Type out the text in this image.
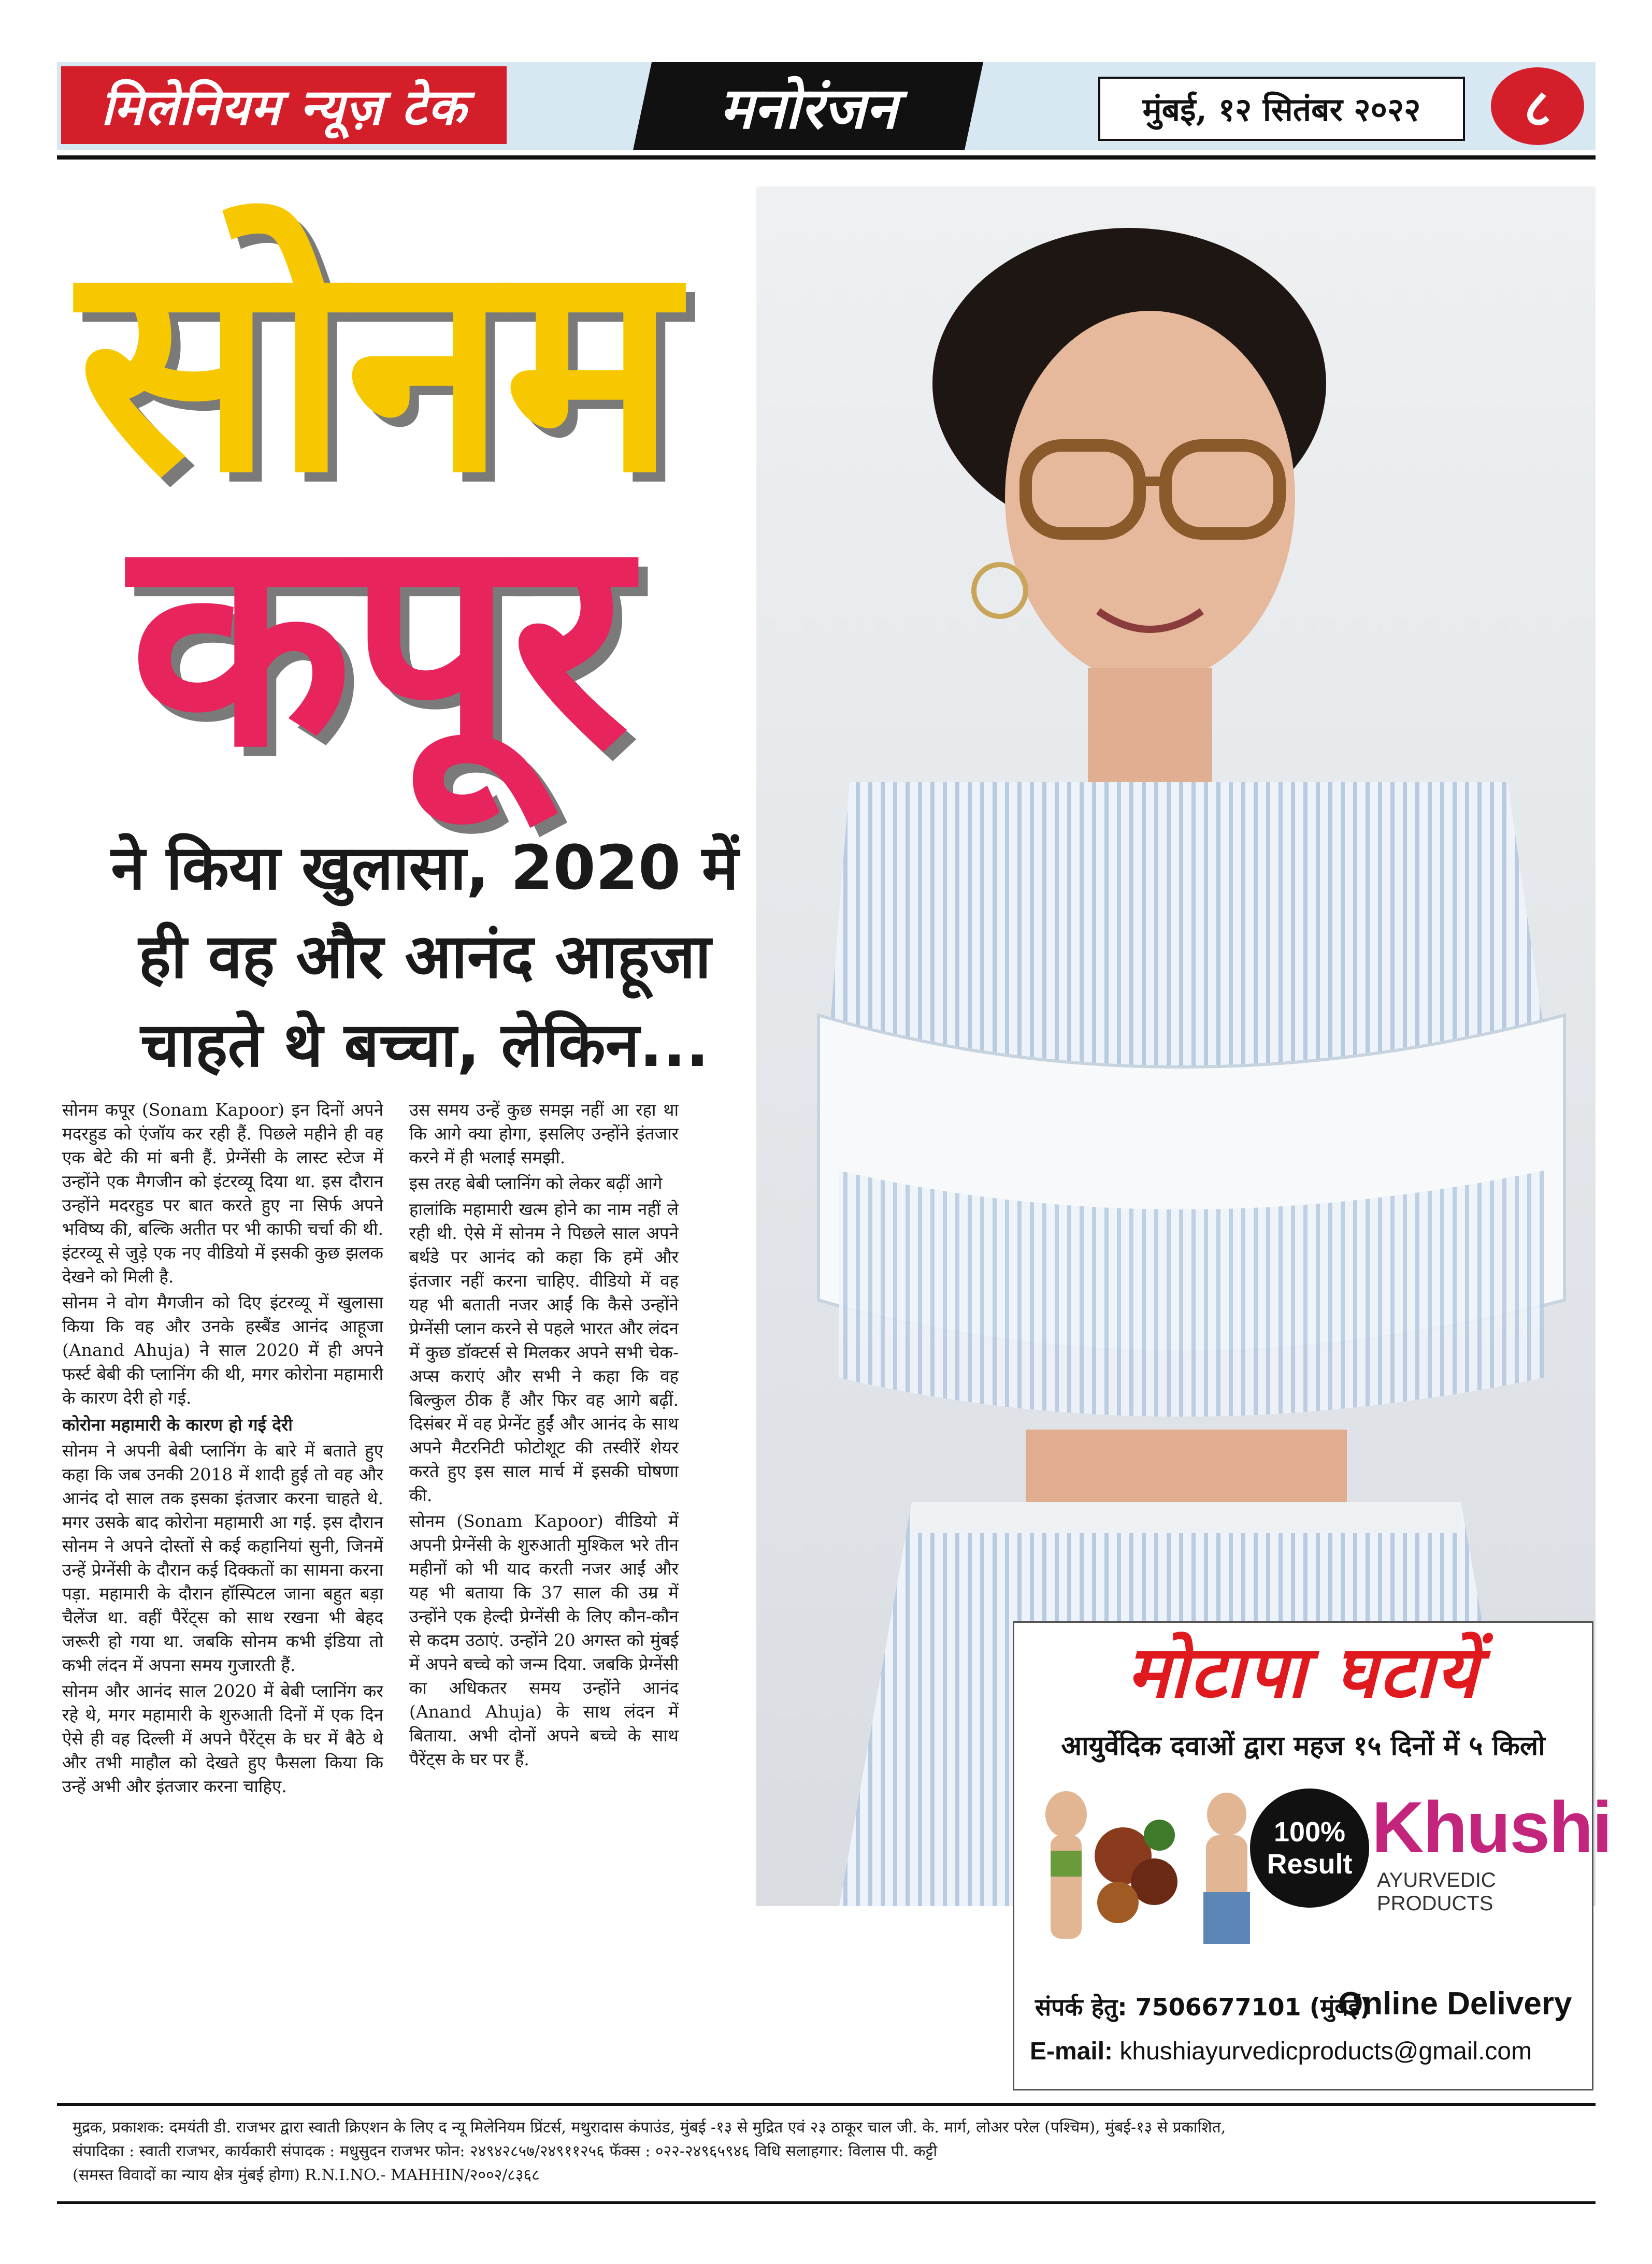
मिलेनियम न्यूज़ टेक	मनोरंजन	मुंबई, १२ सितंबर २०२२	८
सोनम
कपूर
ने किया खुलासा, 2020 में ही वह और आनंद आहूजा चाहते थे बच्चा, लेकिन...

सोनम कपूर (Sonam Kapoor) इन दिनों अपने मदरहुड को एंजॉय कर रही हैं. पिछले महीने ही वह एक बेटे की मां बनी हैं. प्रेग्नेंसी के लास्ट स्टेज में उन्होंने एक मैगजीन को इंटरव्यू दिया था. इस दौरान उन्होंने मदरहुड पर बात करते हुए ना सिर्फ अपने भविष्य की, बल्कि अतीत पर भी काफी चर्चा की थी. इंटरव्यू से जुड़े एक नए वीडियो में इसकी कुछ झलक देखने को मिली है.

सोनम ने वोग मैगजीन को दिए इंटरव्यू में खुलासा किया कि वह और उनके हस्बैंड आनंद आहूजा (Anand Ahuja) ने साल 2020 में ही अपने फर्स्ट बेबी की प्लानिंग की थी, मगर कोरोना महामारी के कारण देरी हो गई.

कोरोना महामारी के कारण हो गई देरी

सोनम ने अपनी बेबी प्लानिंग के बारे में बताते हुए कहा कि जब उनकी 2018 में शादी हुई तो वह और आनंद दो साल तक इसका इंतजार करना चाहते थे. मगर उसके बाद कोरोना महामारी आ गई. इस दौरान सोनम ने अपने दोस्तों से कई कहानियां सुनी, जिनमें उन्हें प्रेग्नेंसी के दौरान कई दिक्कतों का सामना करना पड़ा. महामारी के दौरान हॉस्पिटल जाना बहुत बड़ा चैलेंज था. वहीं पैरेंट्स को साथ रखना भी बेहद जरूरी हो गया था. जबकि सोनम कभी इंडिया तो कभी लंदन में अपना समय गुजारती हैं.

सोनम और आनंद साल 2020 में बेबी प्लानिंग कर रहे थे, मगर महामारी के शुरुआती दिनों में एक दिन ऐसे ही वह दिल्ली में अपने पैरेंट्स के घर में बैठे थे और तभी माहौल को देखते हुए फैसला किया कि उन्हें अभी और इंतजार करना चाहिए.

उस समय उन्हें कुछ समझ नहीं आ रहा था कि आगे क्या होगा, इसलिए उन्होंने इंतजार करने में ही भलाई समझी.

इस तरह बेबी प्लानिंग को लेकर बढ़ीं आगे

हालांकि महामारी खत्म होने का नाम नहीं ले रही थी. ऐसे में सोनम ने पिछले साल अपने बर्थडे पर आनंद को कहा कि हमें और इंतजार नहीं करना चाहिए. वीडियो में वह यह भी बताती नजर आईं कि कैसे उन्होंने प्रेग्नेंसी प्लान करने से पहले भारत और लंदन में कुछ डॉक्टर्स से मिलकर अपने सभी चेक-अप्स कराएं और सभी ने कहा कि वह बिल्कुल ठीक हैं और फिर वह आगे बढ़ीं. दिसंबर में वह प्रेग्नेंट हुईं और आनंद के साथ अपने मैटरनिटी फोटोशूट की तस्वीरें शेयर करते हुए इस साल मार्च में इसकी घोषणा की.

सोनम (Sonam Kapoor) वीडियो में अपनी प्रेग्नेंसी के शुरुआती मुश्किल भरे तीन महीनों को भी याद करती नजर आईं और यह भी बताया कि 37 साल की उम्र में उन्होंने एक हेल्दी प्रेग्नेंसी के लिए कौन-कौन से कदम उठाएं. उन्होंने 20 अगस्त को मुंबई में अपने बच्चे को जन्म दिया. जबकि प्रेग्नेंसी का अधिकतर समय उन्होंने आनंद (Anand Ahuja) के साथ लंदन में बिताया. अभी दोनों अपने बच्चे के साथ पैरेंट्स के घर पर हैं.

मोटापा घटायें
आयुर्वेदिक दवाओं द्वारा महज १५ दिनों में ५ किलो
100%
Result Khushi
AYURVEDIC PRODUCTS
संपर्क हेतु: 7506677101 (मुंबई)
Online Delivery
E-mail: khushiayurvedicproducts@gmail.com
मुद्रक, प्रकाशक: दमयंती डी. राजभर द्वारा स्वाती क्रिएशन के लिए द न्यू मिलेनियम प्रिंटर्स, मथुरादास कंपाउंड, मुंबई -१३ से मुद्रित एवं २३ ठाकूर चाल जी. के. मार्ग, लोअर परेल (पश्चिम), मुंबई-१३ से प्रकाशित,
संपादिका : स्वाती राजभर, कार्यकारी संपादक : मधुसुदन राजभर फोन: २४९४२८५७/२४९११२५६ फॅक्स : ०२२-२४९६५९४६ विधि सलाहगार: विलास पी. कट्टी
(समस्त विवादों का न्याय क्षेत्र मुंबई होगा) R.N.I.NO.- MAHHIN/२००२/८३६८
